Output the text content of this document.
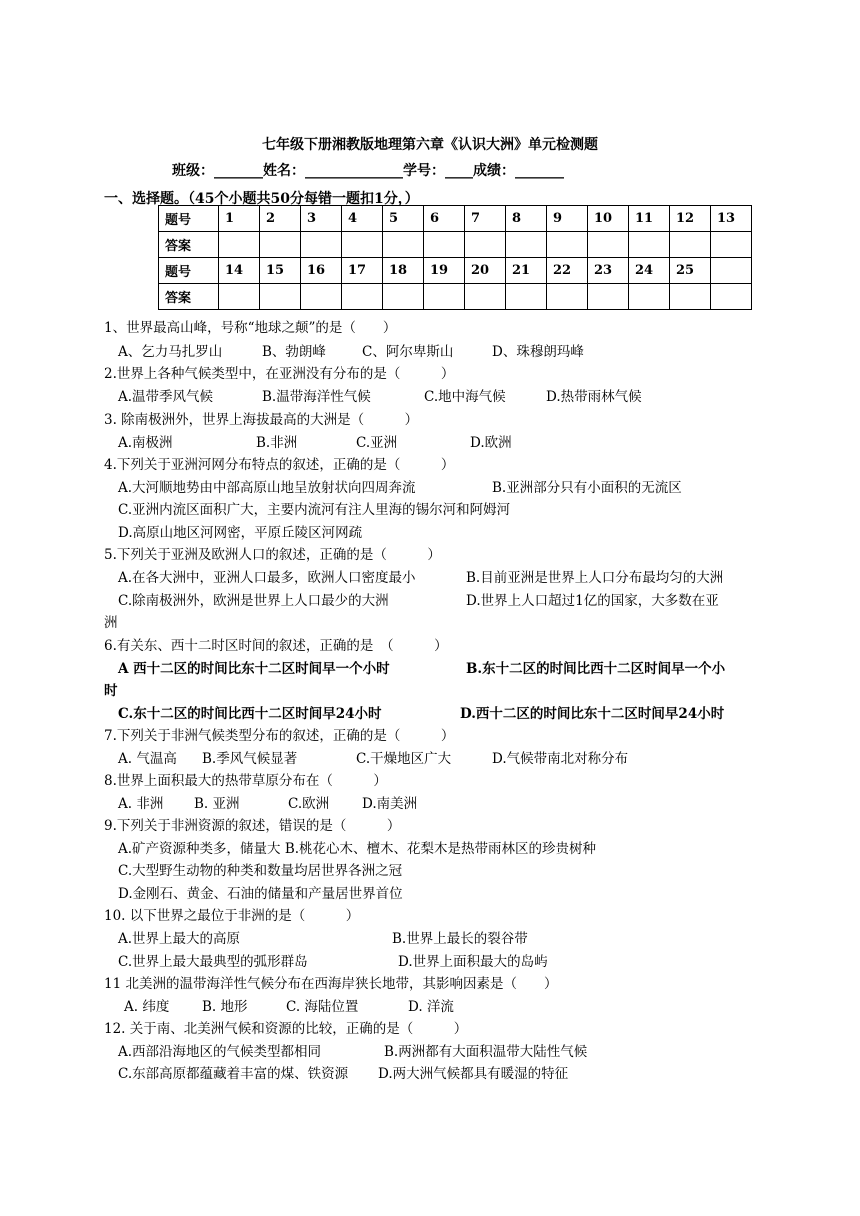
七年级下册湘教版地理第六章《认识大洲》单元检测题
班级：_______姓名：______________学号：____成绩：_______
一、选择题。（45个小题共50分每错一题扣1分，）
题号	1	2	3	4	5	6	7	8	9	10	11	12	13
答案													
题号	14	15	16	17	18	19	20	21	22	23	24	25	
答案													
1、世界最高山峰，号称“地球之颠”的是（　　）
A、乞力马扎罗山	B、勃朗峰	C、阿尔卑斯山	D、珠穆朗玛峰
2.世界上各种气候类型中，在亚洲没有分布的是（　　　）
A.温带季风气候	B.温带海洋性气候	C.地中海气候	D.热带雨林气候
3. 除南极洲外，世界上海拔最高的大洲是（　　　）
A.南极洲	B.非洲	C.亚洲	D.欧洲
4.下列关于亚洲河网分布特点的叙述，正确的是（　　　）
A.大河顺地势由中部高原山地呈放射状向四周奔流	B.亚洲部分只有小面积的无流区
C.亚洲内流区面积广大，主要内流河有注人里海的锡尔河和阿姆河
D.高原山地区河网密，平原丘陵区河网疏
5.下列关于亚洲及欧洲人口的叙述，正确的是（　　　）
A.在各大洲中，亚洲人口最多，欧洲人口密度最小	B.目前亚洲是世界上人口分布最均匀的大洲
C.除南极洲外，欧洲是世界上人口最少的大洲	D.世界上人口超过1亿的国家，大多数在亚
洲
6.有关东、西十二时区时间的叙述，正确的是　（　　　）
A 西十二区的时间比东十二区时间早一个小时	B.东十二区的时间比西十二区时间早一个小
时
C.东十二区的时间比西十二区时间早24小时	D.西十二区的时间比东十二区时间早24小时
7.下列关于非洲气候类型分布的叙述，正确的是（　　　）
A. 气温高 B.季风气候显著	C.干燥地区广大	D.气候带南北对称分布
8.世界上面积最大的热带草原分布在（　　　）
A. 非洲 B. 亚洲	C.欧洲 D.南美洲
9.下列关于非洲资源的叙述，错误的是（　　　）
A.矿产资源种类多，储量大 B.桃花心木、檀木、花梨木是热带雨林区的珍贵树种
C.大型野生动物的种类和数量均居世界各洲之冠
D.金刚石、黄金、石油的储量和产量居世界首位
10. 以下世界之最位于非洲的是（　　　）
A.世界上最大的高原	B.世界上最长的裂谷带
C.世界上最大最典型的弧形群岛	D.世界上面积最大的岛屿
11 北美洲的温带海洋性气候分布在西海岸狭长地带，其影响因素是（　　）
A. 纬度 B. 地形	C. 海陆位置	D. 洋流
12. 关于南、北美洲气候和资源的比较，正确的是（　　　）
A.西部沿海地区的气候类型都相同	B.两洲都有大面积温带大陆性气候
C.东部高原都蕴藏着丰富的煤、铁资源 D.两大洲气候都具有暖湿的特征
